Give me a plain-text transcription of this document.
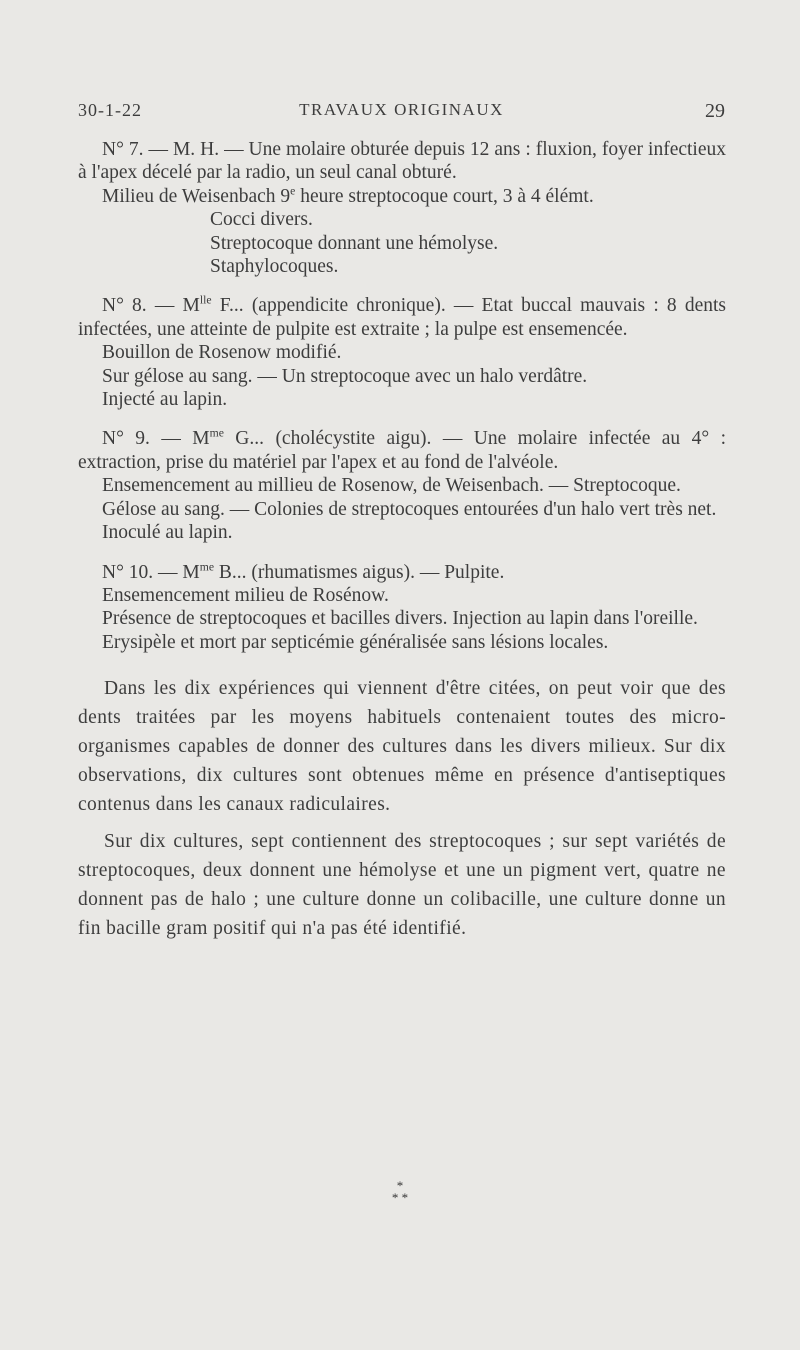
30-1-22	TRAVAUX ORIGINAUX	29

N° 7. — M. H. — Une molaire obturée depuis 12 ans : fluxion, foyer infectieux à l'apex décelé par la radio, un seul canal obturé.

Milieu de Weisenbach 9e heure streptocoque court, 3 à 4 élémt.

Cocci divers.

Streptocoque donnant une hémolyse.

Staphylocoques.

N° 8. — $M^{lle}$ F... (appendicite chronique). — Etat buccal mauvais : 8 dents infectées, une atteinte de pulpite est extraite ; la pulpe est ensemencée.

Bouillon de Rosenow modifié.

Sur gélose au sang. — Un streptocoque avec un halo verdâtre.

Injecté au lapin.

N° 9. — $M^{me}$ G... (cholécystite aigu). — Une molaire infectée au 4° : extraction, prise du matériel par l'apex et au fond de l'alvéole.

Ensemencement au millieu de Rosenow, de Weisenbach. — Streptocoque.

Gélose au sang. — Colonies de streptocoques entourées d'un halo vert très net.

Inoculé au lapin.

N° 10. — $M^{me}$ B... (rhumatismes aigus). — Pulpite.

Ensemencement milieu de Rosénow.

Présence de streptocoques et bacilles divers. Injection au lapin dans l'oreille.

Erysipèle et mort par septicémie généralisée sans lésions locales.

Dans les dix expériences qui viennent d'être citées, on peut voir que des dents traitées par les moyens habituels contenaient toutes des micro-organismes capables de donner des cultures dans les divers milieux. Sur dix observations, dix cultures sont obtenues même en présence d'antiseptiques contenus dans les canaux radiculaires.

Sur dix cultures, sept contiennent des streptocoques ; sur sept variétés de streptocoques, deux donnent une hémolyse et une un pigment vert, quatre ne donnent pas de halo ; une culture donne un colibacille, une culture donne un fin bacille gram positif qui n'a pas été identifié.

*
* *
